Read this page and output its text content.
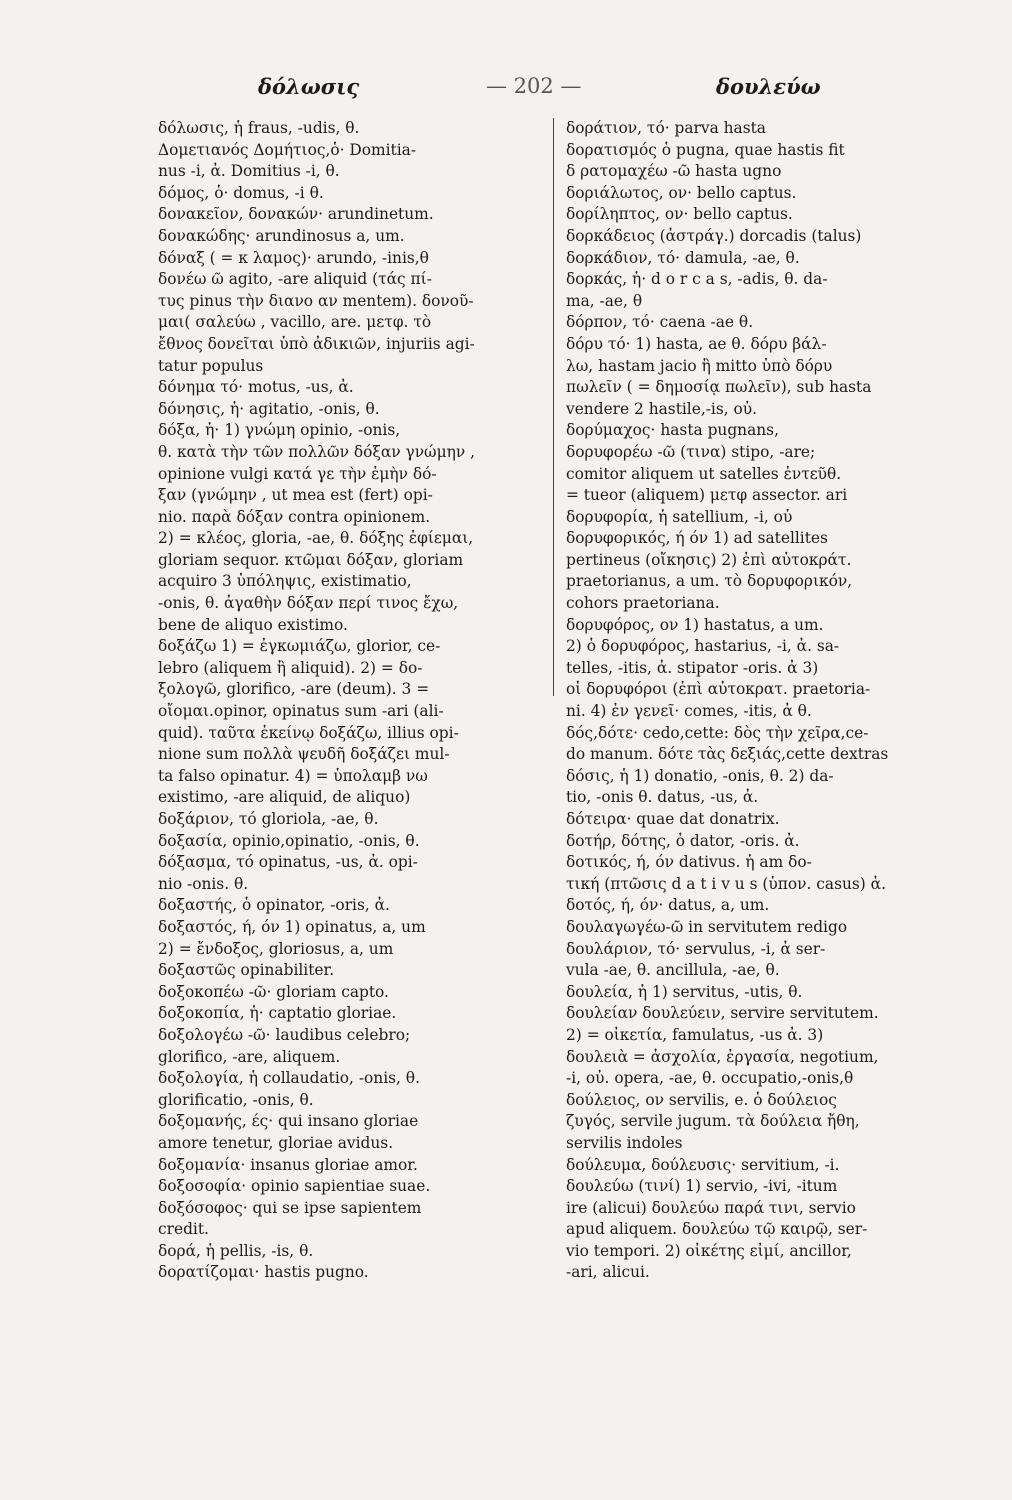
δόλωσις	— 202 —	δουλεύω
δόλωσις, ἡ fraus, -udis, θ.
Δομετιανός Δομήτιος,ὁ· Domitia-
nus -i, ἀ. Domitius -i, θ.
δόμος, ὁ· domus, -i θ.
δονακεῖον, δονακών· arundinetum.
δονακώδης· arundinosus a, um.
δόναξ ( = κ λαμος)· arundo, -inis,θ
δονέω ῶ agito, -are aliquid (τάς πί-
τυς pinus τὴν διανο αν mentem). δονοῦ-
μαι( σαλεύω , vacillo, are. μετφ. τὸ
ἔθνος δονεῖται ὑπὸ ἀδικιῶν, injuriis agi-
tatur populus
δόνημα τό· motus, -us, ἀ.
δόνησις, ἡ· agitatio, -onis, θ.
δόξα, ἡ· 1) γνώμη opinio, -onis,
θ. κατὰ τὴν τῶν πολλῶν δόξαν γνώμην ,
opinione vulgi κατά γε τὴν ἐμὴν δό-
ξαν (γνώμην , ut mea est (fert) opi-
nio. παρὰ δόξαν contra opinionem.
2) = κλέος, gloria, -ae, θ. δόξης ἐφίεμαι,
gloriam sequor. κτῶμαι δόξαν, gloriam
acquiro 3 ὑπόληψις, existimatio,
-onis, θ. ἀγαθὴν δόξαν περί τινος ἔχω,
bene de aliquo existimo.
δοξάζω 1) = ἐγκωμιάζω, glorior, ce-
lebro (aliquem ἢ aliquid). 2) = δο-
ξολογῶ, glorifico, -are (deum). 3 =
οἴομαι.opinor, opinatus sum -ari (ali-
quid). ταῦτα ἐκείνῳ δοξάζω, illius opi-
nione sum πολλὰ ψευδῆ δοξάζει mul-
ta falso opinatur. 4) = ὑπολαμβ νω
existimo, -are aliquid, de aliquo)
δοξάριον, τό gloriola, -ae, θ.
δοξασία, opinio,opinatio, -onis, θ.
δόξασμα, τό opinatus, -us, ἀ. opi-
nio -onis. θ.
δοξαστής, ὁ opinator, -oris, ἀ.
δοξαστός, ή, όν 1) opinatus, a, um
2) = ἔνδοξος, gloriosus, a, um
δοξαστῶς opinabiliter.
δοξοκοπέω -ῶ· gloriam capto.
δοξοκοπία, ἡ· captatio gloriae.
δοξολογέω -ῶ· laudibus celebro;
glorifico, -are, aliquem.
δοξολογία, ἡ collaudatio, -onis, θ.
glorificatio, -onis, θ.
δοξομανής, ές· qui insano gloriae
amore tenetur, gloriae avidus.
δοξομανία· insanus gloriae amor.
δοξοσοφία· opinio sapientiae suae.
δοξόσοφος· qui se ipse sapientem
credit.
δορά, ἡ pellis, -is, θ.
δορατίζομαι· hastis pugno.
δοράτιον, τό· parva hasta
δορατισμός ὁ pugna, quae hastis fit
δ ρατομαχέω -ῶ hasta ugno
δοριάλωτος, ον· bello captus.
δορίληπτος, ον· bello captus.
δορκάδειος (ἀστράγ.) dorcadis (talus)
δορκάδιον, τό· damula, -ae, θ.
δορκάς, ἡ· d o r c a s, -adis, θ. da-
ma, -ae, θ
δόρπον, τό· caena -ae θ.
δόρυ τό· 1) hasta, ae θ. δόρυ βάλ-
λω, hastam jacio ἢ mitto ὑπὸ δόρυ
πωλεῖν ( = δημοσίᾳ πωλεῖν), sub hasta
vendere 2 hastile,-is, οὐ.
δορύμαχος· hasta pugnans,
δορυφορέω -ῶ (τινα) stipo, -are;
comitor aliquem ut satelles ἐντεῦθ.
= tueor (aliquem) μετφ assector. ari
δορυφορία, ἡ satellium, -i, οὐ
δορυφορικός, ή όν 1) ad satellites
pertineus (οἴκησις) 2) ἐπὶ αὐτοκράτ.
praetorianus, a um. τὸ δορυφορικόν,
cohors praetoriana.
δορυφόρος, ον 1) hastatus, a um.
2) ὁ δορυφόρος, hastarius, -i, ἀ. sa-
telles, -itis, ἀ. stipator -oris. ἀ 3)
οἱ δορυφόροι (ἐπὶ αὐτοκρατ. praetoria-
ni. 4) ἐν γενεῖ· comes, -itis, ἀ θ.
δός,δότε· cedo,cette: δὸς τὴν χεῖρα,ce-
do manum. δότε τὰς δεξιάς,cette dextras
δόσις, ἡ 1) donatio, -onis, θ. 2) da-
tio, -onis θ. datus, -us, ἀ.
δότειρα· quae dat donatrix.
δοτήρ, δότης, ὁ dator, -oris. ἀ.
δοτικός, ή, όν dativus. ἡ am δο-
τική (πτῶσις d a t i v u s (ὑπον. casus) ἀ.
δοτός, ή, όν· datus, a, um.
δουλαγωγέω-ῶ in servitutem redigo
δουλάριον, τό· servulus, -i, ἀ ser-
vula -ae, θ. ancillula, -ae, θ.
δουλεία, ἡ 1) servitus, -utis, θ.
δουλείαν δουλεύειν, servire servitutem.
2) = οἰκετία, famulatus, -us ἀ. 3)
δουλειὰ = ἀσχολία, ἐργασία, negotium,
-i, οὐ. opera, -ae, θ. occupatio,-onis,θ
δούλειος, ον servilis, e. ὁ δούλειος
ζυγός, servile jugum. τὰ δούλεια ἤθη,
servilis indoles
δούλευμα, δούλευσις· servitium, -i.
δουλεύω (τινί) 1) servio, -ivi, -itum
ire (alicui) δουλεύω παρά τινι, servio
apud aliquem. δουλεύω τῷ καιρῷ, ser-
vio tempori. 2) οἰκέτης εἰμί, ancillor,
-ari, alicui.
